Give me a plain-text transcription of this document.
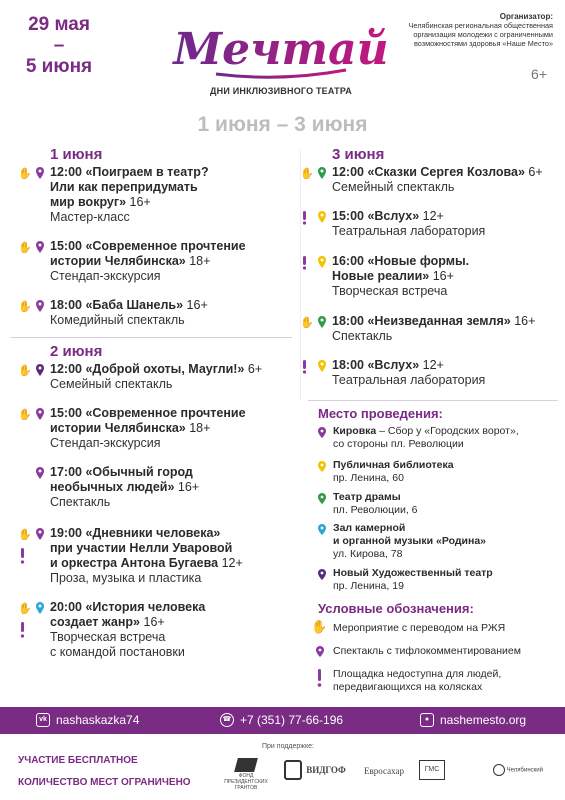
29 мая
–
5 июня Мечтай
ДНИ ИНКЛЮЗИВНОГО ТЕАТРА
Организатор:
Челябинская региональная общественная организация молодежи с ограниченными возможностями здоровья «Наше Место»
6+
1 июня – 3 июня
1 июня
✋ 12:00 «Поиграем в театр?
Или как перепридумать
мир вокруг» 16+
Мастер-класс
✋ 15:00 «Современное прочтение
истории Челябинска» 18+
Стендап-экскурсия
✋ 18:00 «Баба Шанель» 16+
Комедийный спектакль
2 июня
✋ 12:00 «Доброй охоты, Маугли!» 6+
Семейный спектакль
✋ 15:00 «Современное прочтение
истории Челябинска» 18+
Стендап-экскурсия
17:00 «Обычный город
необычных людей» 16+
Спектакль
✋ 19:00 «Дневники человека»
при участии Нелли Уваровой
и оркестра Антона Бугаева 12+
Проза, музыка и пластика
✋ 20:00 «История человека
создает жанр» 16+
Творческая встреча
с командой постановки
3 июня
✋ 12:00 «Сказки Сергея Козлова» 6+
Семейный спектакль
15:00 «Вслух» 12+
Театральная лаборатория
16:00 «Новые формы.
Новые реалии» 16+
Творческая встреча
✋ 18:00 «Неизведанная земля» 16+
Спектакль
18:00 «Вслух» 12+
Театральная лаборатория
Место проведения:
Кировка – Сбор у «Городских ворот»,
со стороны пл. Революции
Публичная библиотека
пр. Ленина, 60
Театр драмы
пл. Революции, 6
Зал камерной
и органной музыки «Родина»
ул. Кирова, 78
Новый Художественный театр
пр. Ленина, 19
Условные обозначения:
✋ Мероприятие с переводом на РЖЯ
Спектакль с тифлокомментированием
Площадка недоступна для людей,
передвигающихся на колясках
vk nashaskazka74	☎ +7 (351) 77-66-196	● nashemesto.org
УЧАСТИЕ БЕСПЛАТНОЕ
КОЛИЧЕСТВО МЕСТ ОГРАНИЧЕНО
При поддержке:
ФОНД ПРЕЗИДЕНТСКИХ ГРАНТОВ
ВИДГОФ	Евросахар	ГМС	Челябинский
